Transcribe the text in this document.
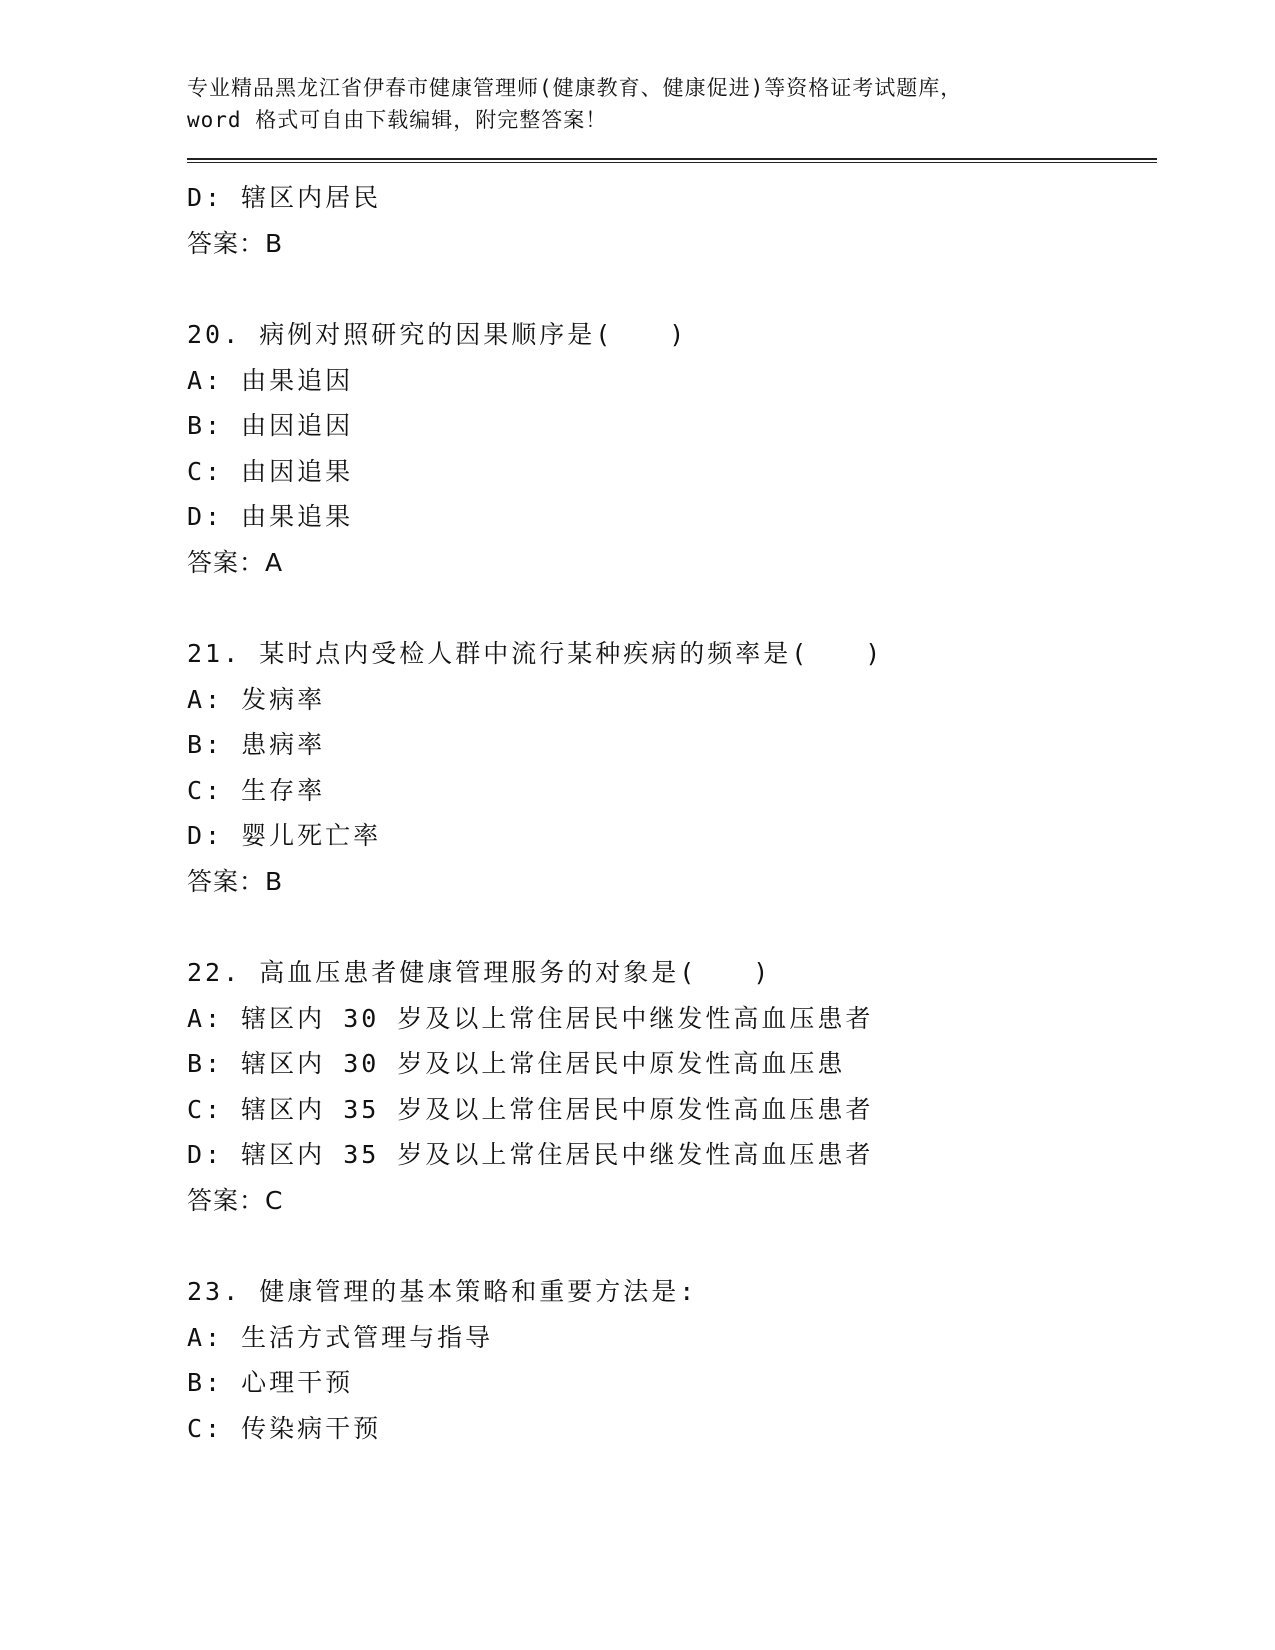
专业精品黑龙江省伊春市健康管理师(健康教育、健康促进)等资格证考试题库，
word 格式可自由下载编辑，附完整答案！
D: 辖区内居民
答案：B
20. 病例对照研究的因果顺序是(　　)
A: 由果追因
B: 由因追因
C: 由因追果
D: 由果追果
答案：A
21. 某时点内受检人群中流行某种疾病的频率是(　　)
A: 发病率
B: 患病率
C: 生存率
D: 婴儿死亡率
答案：B
22. 高血压患者健康管理服务的对象是(　　)
A: 辖区内 30 岁及以上常住居民中继发性高血压患者
B: 辖区内 30 岁及以上常住居民中原发性高血压患
C: 辖区内 35 岁及以上常住居民中原发性高血压患者
D: 辖区内 35 岁及以上常住居民中继发性高血压患者
答案：C
23. 健康管理的基本策略和重要方法是:
A: 生活方式管理与指导
B: 心理干预
C: 传染病干预
